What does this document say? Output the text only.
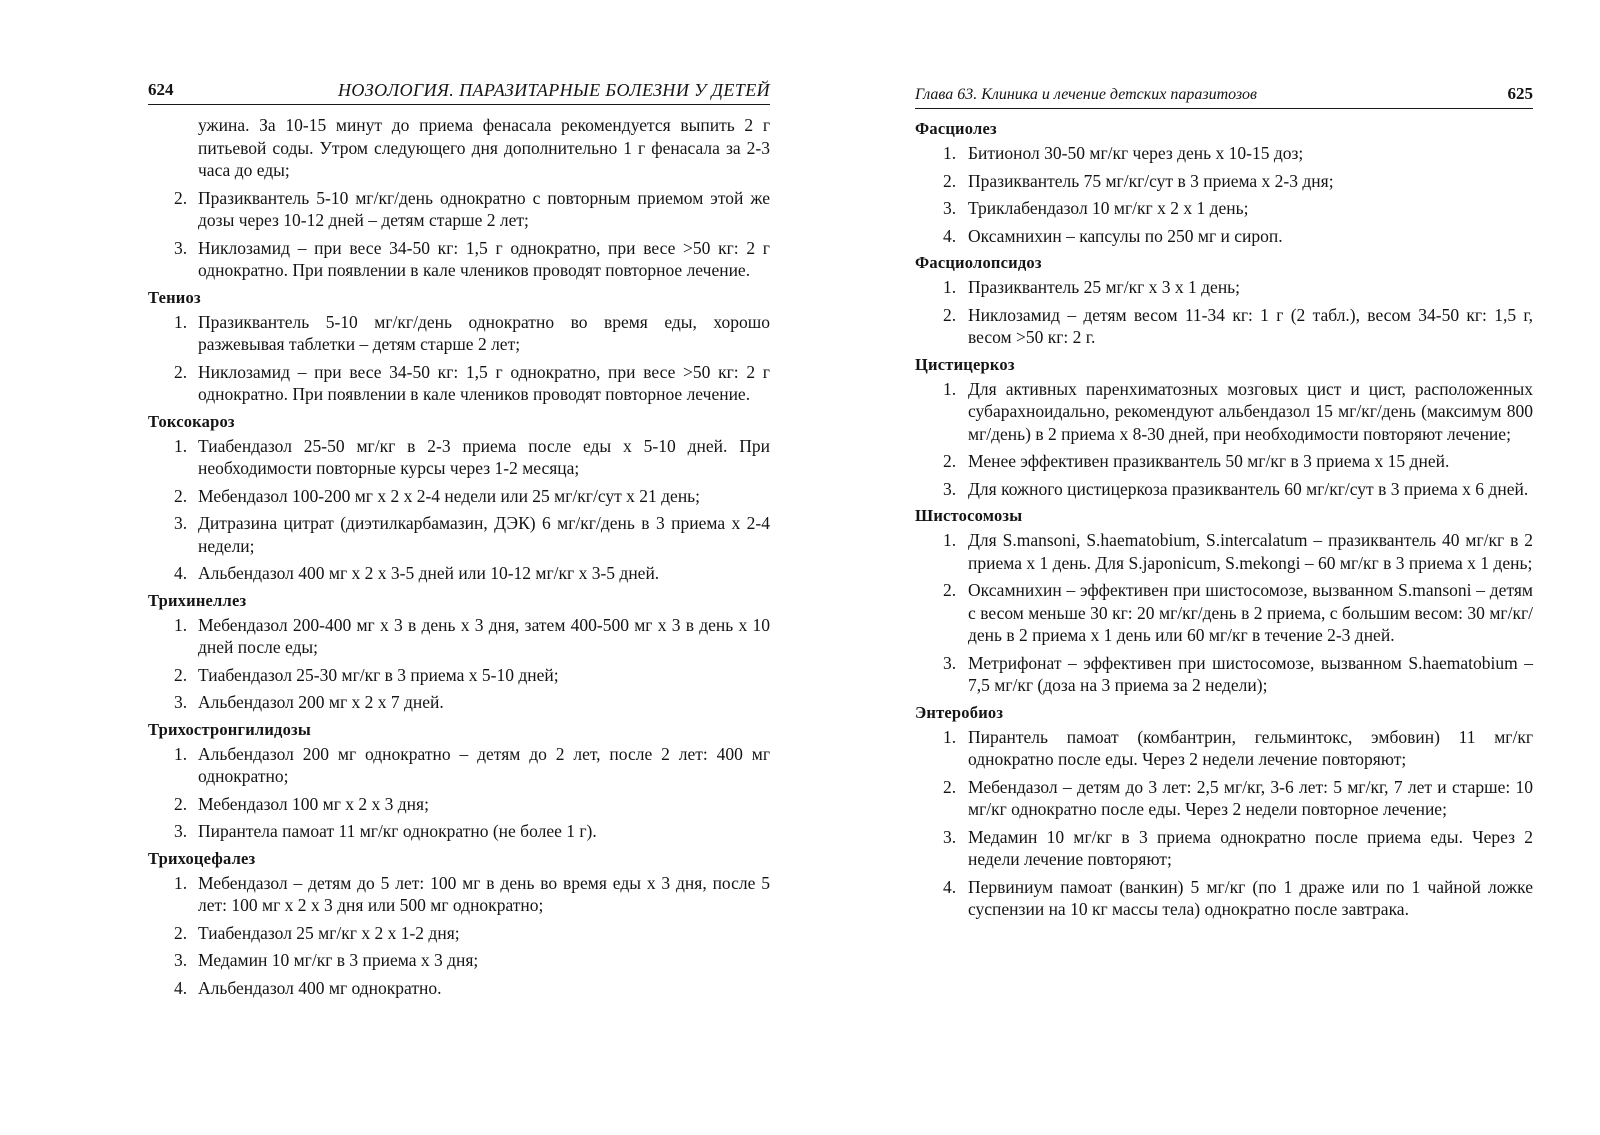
624	НОЗОЛОГИЯ. ПАРАЗИТАРНЫЕ БОЛЕЗНИ У ДЕТЕЙ
ужина. За 10-15 минут до приема фенасала рекомендуется выпить 2 г питьевой соды. Утром следующего дня дополнительно 1 г фенасала за 2-3 часа до еды;
2. Празиквантель 5-10 мг/кг/день однократно с повторным приемом этой же дозы через 10-12 дней – детям старше 2 лет;
3. Никлозамид – при весе 34-50 кг: 1,5 г однократно, при весе >50 кг: 2 г однократно. При появлении в кале члеников проводят повторное лечение.
Тениоз
1. Празиквантель 5-10 мг/кг/день однократно во время еды, хорошо разжевывая таблетки – детям старше 2 лет;
2. Никлозамид – при весе 34-50 кг: 1,5 г однократно, при весе >50 кг: 2 г однократно. При появлении в кале члеников проводят повторное лечение.
Токсокароз
1. Тиабендазол 25-50 мг/кг в 2-3 приема после еды х 5-10 дней. При необходимости повторные курсы через 1-2 месяца;
2. Мебендазол 100-200 мг х 2 х 2-4 недели или 25 мг/кг/сут х 21 день;
3. Дитразина цитрат (диэтилкарбамазин, ДЭК) 6 мг/кг/день в 3 приема х 2-4 недели;
4. Альбендазол 400 мг х 2 х 3-5 дней или 10-12 мг/кг х 3-5 дней.
Трихинеллез
1. Мебендазол 200-400 мг х 3 в день х 3 дня, затем 400-500 мг х 3 в день х 10 дней после еды;
2. Тиабендазол 25-30 мг/кг в 3 приема х 5-10 дней;
3. Альбендазол 200 мг х 2 х 7 дней.
Трихостронгилидозы
1. Альбендазол 200 мг однократно – детям до 2 лет, после 2 лет: 400 мг однократно;
2. Мебендазол 100 мг х 2 х 3 дня;
3. Пирантела памоат 11 мг/кг однократно (не более 1 г).
Трихоцефалез
1. Мебендазол – детям до 5 лет: 100 мг в день во время еды х 3 дня, после 5 лет: 100 мг х 2 х 3 дня или 500 мг однократно;
2. Тиабендазол 25 мг/кг х 2 х 1-2 дня;
3. Медамин 10 мг/кг в 3 приема х 3 дня;
4. Альбендазол 400 мг однократно.
Глава 63. Клиника и лечение детских паразитозов	625
Фасциолез
1. Битионол 30-50 мг/кг через день х 10-15 доз;
2. Празиквантель 75 мг/кг/сут в 3 приема х 2-3 дня;
3. Триклабендазол 10 мг/кг х 2 х 1 день;
4. Оксамнихин – капсулы по 250 мг и сироп.
Фасциолопсидоз
1. Празиквантель 25 мг/кг х 3 х 1 день;
2. Никлозамид – детям весом 11-34 кг: 1 г (2 табл.), весом 34-50 кг: 1,5 г, весом >50 кг: 2 г.
Цистицеркоз
1. Для активных паренхиматозных мозговых цист и цист, расположенных субарахноидально, рекомендуют альбендазол 15 мг/кг/день (максимум 800 мг/день) в 2 приема х 8-30 дней, при необходимости повторяют лечение;
2. Менее эффективен празиквантель 50 мг/кг в 3 приема х 15 дней.
3. Для кожного цистицеркоза празиквантель 60 мг/кг/сут в 3 приема х 6 дней.
Шистосомозы
1. Для S.mansoni, S.haematobium, S.intercalatum – празиквантель 40 мг/кг в 2 приема х 1 день. Для S.japonicum, S.mekongi – 60 мг/кг в 3 приема х 1 день;
2. Оксамнихин – эффективен при шистосомозе, вызванном S.mansoni – детям с весом меньше 30 кг: 20 мг/кг/день в 2 приема, с большим весом: 30 мг/кг/день в 2 приема х 1 день или 60 мг/кг в течение 2-3 дней.
3. Метрифонат – эффективен при шистосомозе, вызванном S.haematobium – 7,5 мг/кг (доза на 3 приема за 2 недели);
Энтеробиоз
1. Пирантель памоат (комбантрин, гельминтокс, эмбовин) 11 мг/кг однократно после еды. Через 2 недели лечение повторяют;
2. Мебендазол – детям до 3 лет: 2,5 мг/кг, 3-6 лет: 5 мг/кг, 7 лет и старше: 10 мг/кг однократно после еды. Через 2 недели повторное лечение;
3. Медамин 10 мг/кг в 3 приема однократно после приема еды. Через 2 недели лечение повторяют;
4. Первиниум памоат (ванкин) 5 мг/кг (по 1 драже или по 1 чайной ложке суспензии на 10 кг массы тела) однократно после завтрака.
